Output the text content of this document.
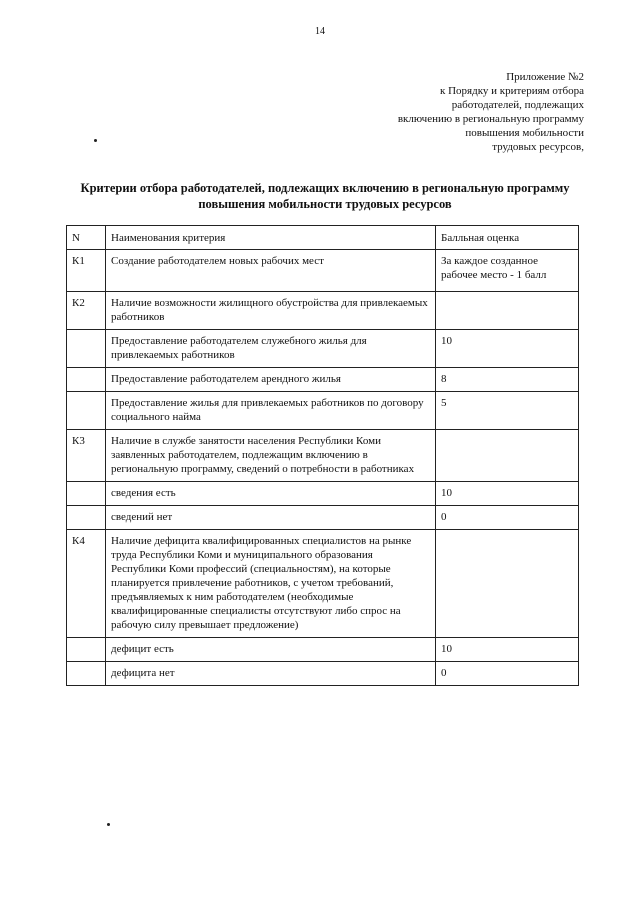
14
Приложение №2
к Порядку и критериям отбора
работодателей, подлежащих
включению в региональную программу
повышения мобильности
трудовых ресурсов,
Критерии отбора работодателей, подлежащих включению в региональную программу повышения мобильности трудовых ресурсов
N	Наименования критерия	Балльная оценка
К1	Создание работодателем новых рабочих мест	За каждое созданное рабочее место - 1 балл
К2	Наличие возможности жилищного обустройства для привлекаемых работников	
	Предоставление работодателем служебного жилья для привлекаемых работников	10
	Предоставление работодателем арендного жилья	8
	Предоставление жилья для привлекаемых работников по договору социального найма	5
К3	Наличие в службе занятости населения Республики Коми заявленных работодателем, подлежащим включению в региональную программу, сведений о потребности в работниках	
	сведения есть	10
	сведений нет	0
К4	Наличие дефицита квалифицированных специалистов на рынке труда Республики Коми и муниципального образования Республики Коми профессий (специальностям), на которые планируется привлечение работников, с учетом требований, предъявляемых к ним работодателем (необходимые квалифицированные специалисты отсутствуют либо спрос на рабочую силу превышает предложение)	
	дефицит есть	10
	дефицита нет	0
